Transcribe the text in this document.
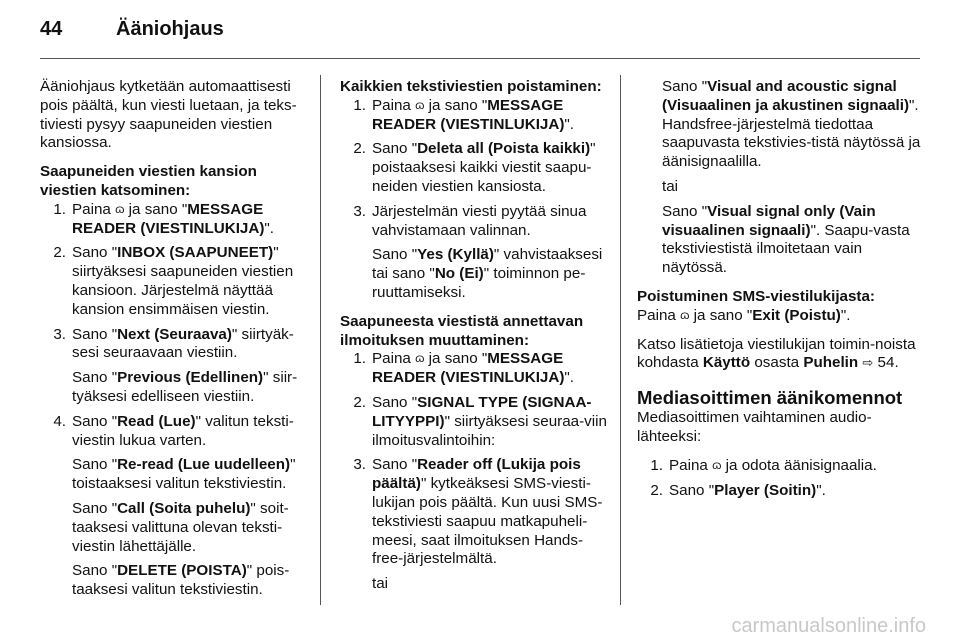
44	Ääniohjaus

Ääniohjaus kytketään automaattisesti pois päältä, kun viesti luetaan, ja teks-tiviesti pysyy saapuneiden viestien kansiossa.

Saapuneiden viestien kansion viestien katsominen:

1. Paina ɷ ja sano "MESSAGE READER (VIESTINLUKIJA)".
2. Sano "INBOX (SAAPUNEET)" siirtyäksesi saapuneiden viestien kansioon. Järjestelmä näyttää kansion ensimmäisen viestin.
3. Sano "Next (Seuraava)" siirtyäk-sesi seuraavaan viestiin.
Sano "Previous (Edellinen)" siir-tyäksesi edelliseen viestiin.
4. Sano "Read (Lue)" valitun teksti-viestin lukua varten.
Sano "Re-read (Lue uudelleen)" toistaaksesi valitun tekstiviestin.
Sano "Call (Soita puhelu)" soit-taaksesi valittuna olevan teksti-viestin lähettäjälle.
Sano "DELETE (POISTA)" pois-taaksesi valitun tekstiviestin.

Kaikkien tekstiviestien poistaminen:

1. Paina ɷ ja sano "MESSAGE READER (VIESTINLUKIJA)".
2. Sano "Deleta all (Poista kaikki)" poistaaksesi kaikki viestit saapu-neiden viestien kansiosta.
3. Järjestelmän viesti pyytää sinua vahvistamaan valinnan.
Sano "Yes (Kyllä)" vahvistaaksesi tai sano "No (Ei)" toiminnon pe-ruuttamiseksi.

Saapuneesta viestistä annettavan ilmoituksen muuttaminen:

1. Paina ɷ ja sano "MESSAGE READER (VIESTINLUKIJA)".
2. Sano "SIGNAL TYPE (SIGNAA-LITYYPPI)" siirtyäksesi seuraa-viin ilmoitusvalintoihin:
3. Sano "Reader off (Lukija pois päältä)" kytkeäksesi SMS-viesti-lukijan pois päältä. Kun uusi SMS-tekstiviesti saapuu matkapuheli-meesi, saat ilmoituksen Hands-free-järjestelmältä.
tai
Sano "Visual and acoustic signal (Visuaalinen ja akustinen signaali)". Handsfree-järjestelmä tiedottaa saapuvasta tekstivies-tistä näytössä ja äänisignaalilla.
tai
Sano "Visual signal only (Vain visuaalinen signaali)". Saapu-vasta tekstiviestistä ilmoitetaan vain näytössä.

Poistuminen SMS-viestilukijasta:

Paina ɷ ja sano "Exit (Poistu)".

Katso lisätietoja viestilukijan toimin-noista kohdasta Käyttö osasta Puhelin ⇨ 54.

Mediasoittimen äänikomennot

Mediasoittimen vaihtaminen audio-lähteeksi:

1. Paina ɷ ja odota äänisignaalia.
2. Sano "Player (Soitin)".
carmanualsonline.info
